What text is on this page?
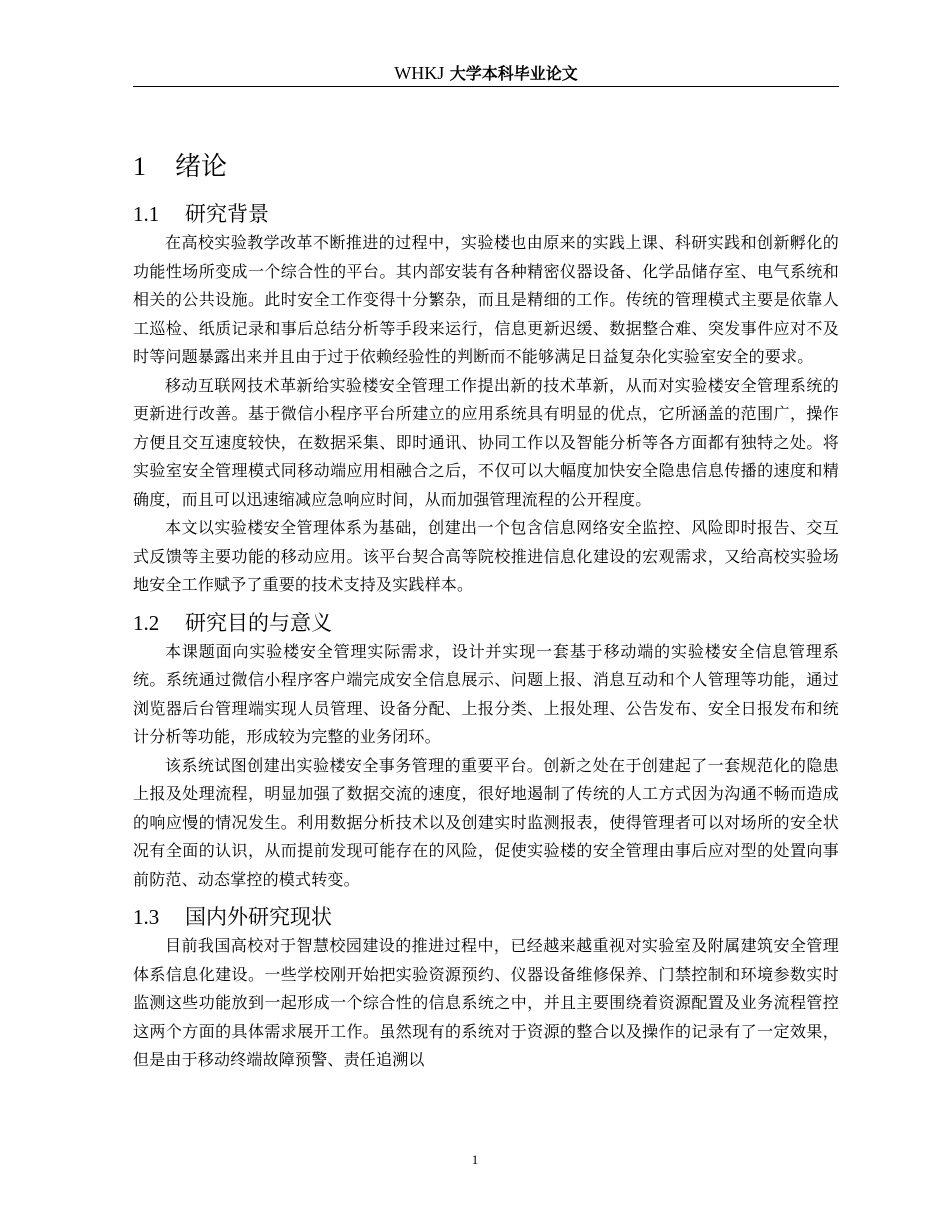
WHKJ 大学本科毕业论文
1 绪论
1.1 研究背景

在高校实验教学改革不断推进的过程中，实验楼也由原来的实践上课、科研实践和创新孵化的功能性场所变成一个综合性的平台。其内部安装有各种精密仪器设备、化学品储存室、电气系统和相关的公共设施。此时安全工作变得十分繁杂，而且是精细的工作。传统的管理模式主要是依靠人工巡检、纸质记录和事后总结分析等手段来运行，信息更新迟缓、数据整合难、突发事件应对不及时等问题暴露出来并且由于过于依赖经验性的判断而不能够满足日益复杂化实验室安全的要求。

移动互联网技术革新给实验楼安全管理工作提出新的技术革新，从而对实验楼安全管理系统的更新进行改善。基于微信小程序平台所建立的应用系统具有明显的优点，它所涵盖的范围广，操作方便且交互速度较快，在数据采集、即时通讯、协同工作以及智能分析等各方面都有独特之处。将实验室安全管理模式同移动端应用相融合之后，不仅可以大幅度加快安全隐患信息传播的速度和精确度，而且可以迅速缩减应急响应时间，从而加强管理流程的公开程度。

本文以实验楼安全管理体系为基础，创建出一个包含信息网络安全监控、风险即时报告、交互式反馈等主要功能的移动应用。该平台契合高等院校推进信息化建设的宏观需求，又给高校实验场地安全工作赋予了重要的技术支持及实践样本。

1.2 研究目的与意义

本课题面向实验楼安全管理实际需求，设计并实现一套基于移动端的实验楼安全信息管理系统。系统通过微信小程序客户端完成安全信息展示、问题上报、消息互动和个人管理等功能，通过浏览器后台管理端实现人员管理、设备分配、上报分类、上报处理、公告发布、安全日报发布和统计分析等功能，形成较为完整的业务闭环。

该系统试图创建出实验楼安全事务管理的重要平台。创新之处在于创建起了一套规范化的隐患上报及处理流程，明显加强了数据交流的速度，很好地遏制了传统的人工方式因为沟通不畅而造成的响应慢的情况发生。利用数据分析技术以及创建实时监测报表，使得管理者可以对场所的安全状况有全面的认识，从而提前发现可能存在的风险，促使实验楼的安全管理由事后应对型的处置向事前防范、动态掌控的模式转变。

1.3 国内外研究现状

目前我国高校对于智慧校园建设的推进过程中，已经越来越重视对实验室及附属建筑安全管理体系信息化建设。一些学校刚开始把实验资源预约、仪器设备维修保养、门禁控制和环境参数实时监测这些功能放到一起形成一个综合性的信息系统之中，并且主要围绕着资源配置及业务流程管控这两个方面的具体需求展开工作。虽然现有的系统对于资源的整合以及操作的记录有了一定效果，但是由于移动终端故障预警、责任追溯以

1
